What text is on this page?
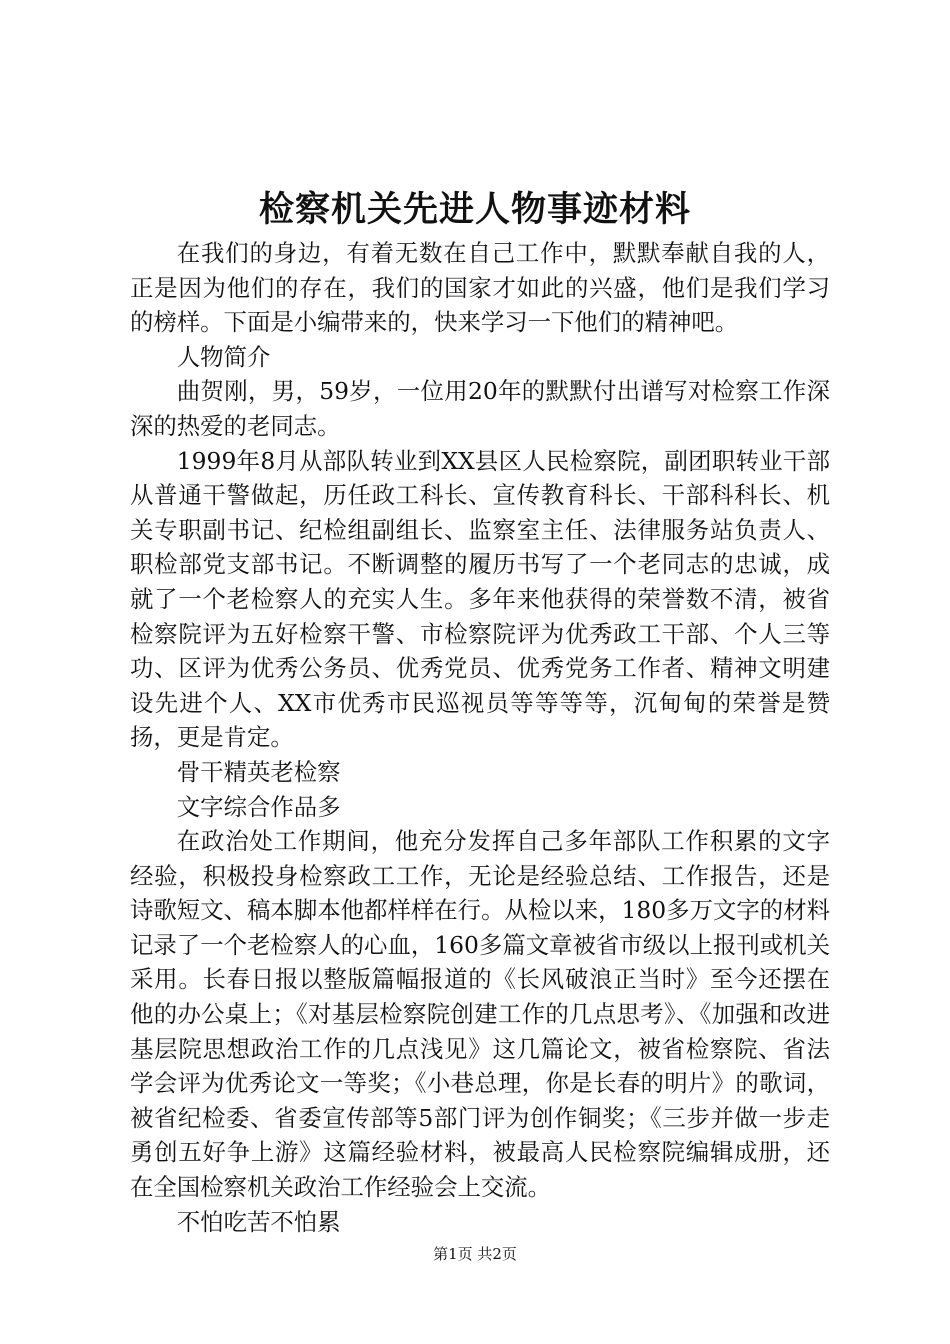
检察机关先进人物事迹材料

在我们的身边，有着无数在自己工作中，默默奉献自我的人，正是因为他们的存在，我们的国家才如此的兴盛，他们是我们学习的榜样。下面是小编带来的，快来学习一下他们的精神吧。

人物简介

曲贺刚，男，59岁，一位用20年的默默付出谱写对检察工作深深的热爱的老同志。

1999年8月从部队转业到XX县区人民检察院，副团职转业干部从普通干警做起，历任政工科长、宣传教育科长、干部科科长、机关专职副书记、纪检组副组长、监察室主任、法律服务站负责人、职检部党支部书记。不断调整的履历书写了一个老同志的忠诚，成就了一个老检察人的充实人生。多年来他获得的荣誉数不清，被省检察院评为五好检察干警、市检察院评为优秀政工干部、个人三等功、区评为优秀公务员、优秀党员、优秀党务工作者、精神文明建设先进个人、XX市优秀市民巡视员等等等等，沉甸甸的荣誉是赞扬，更是肯定。

骨干精英老检察

文字综合作品多

在政治处工作期间，他充分发挥自己多年部队工作积累的文字经验，积极投身检察政工工作，无论是经验总结、工作报告，还是诗歌短文、稿本脚本他都样样在行。从检以来，180多万文字的材料记录了一个老检察人的心血，160多篇文章被省市级以上报刊或机关采用。长春日报以整版篇幅报道的《长风破浪正当时》至今还摆在他的办公桌上；《对基层检察院创建工作的几点思考》、《加强和改进基层院思想政治工作的几点浅见》这几篇论文，被省检察院、省法学会评为优秀论文一等奖；《小巷总理，你是长春的明片》的歌词，被省纪检委、省委宣传部等5部门评为创作铜奖；《三步并做一步走勇创五好争上游》这篇经验材料，被最高人民检察院编辑成册，还在全国检察机关政治工作经验会上交流。

不怕吃苦不怕累

第1页 共2页
